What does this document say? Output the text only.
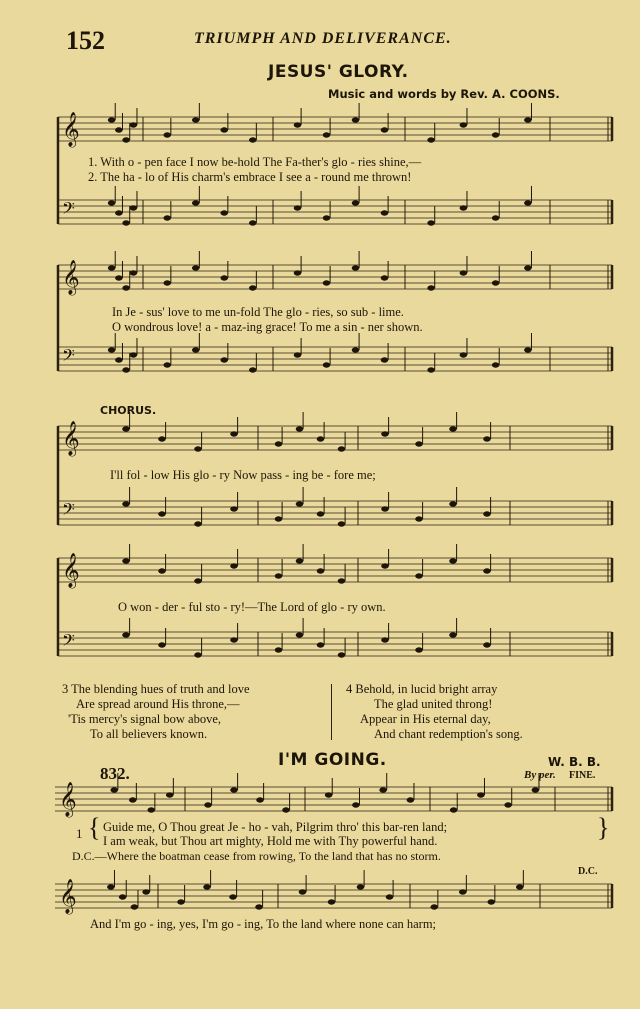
152	TRIUMPH AND DELIVERANCE.
JESUS' GLORY.
Music and words by Rev. A. COONS.
𝄞
𝄢
𝄞
𝄢
𝄞
𝄢
𝄞
𝄢
𝄞
𝄞
1. With o - pen face I now be-hold The Fa-ther's glo - ries shine,—
2. The ha - lo of His charm's embrace I see a - round me thrown!
In Je - sus' love to me un-fold The glo - ries, so sub - lime.
O wondrous love! a - maz-ing grace! To me a sin - ner shown.
CHORUS.
I'll fol - low His glo - ry Now pass - ing be - fore me;
O won - der - ful sto - ry!—The Lord of glo - ry own.
3 The blending hues of truth and love
Are spread around His throne,—
'Tis mercy's signal bow above,
To all believers known.
4 Behold, in lucid bright array
The glad united throng!
Appear in His eternal day,
And chant redemption's song.
I'M GOING.
832.
W. B. B.
By per. FINE.
1 { Guide me, O Thou great Je - ho - vah, Pilgrim thro' this bar-ren land;
I am weak, but Thou art mighty, Hold me with Thy powerful hand.	}
D.C.—Where the boatman cease from rowing, To the land that has no storm.
D.C.
And I'm go - ing, yes, I'm go - ing, To the land where none can harm;
